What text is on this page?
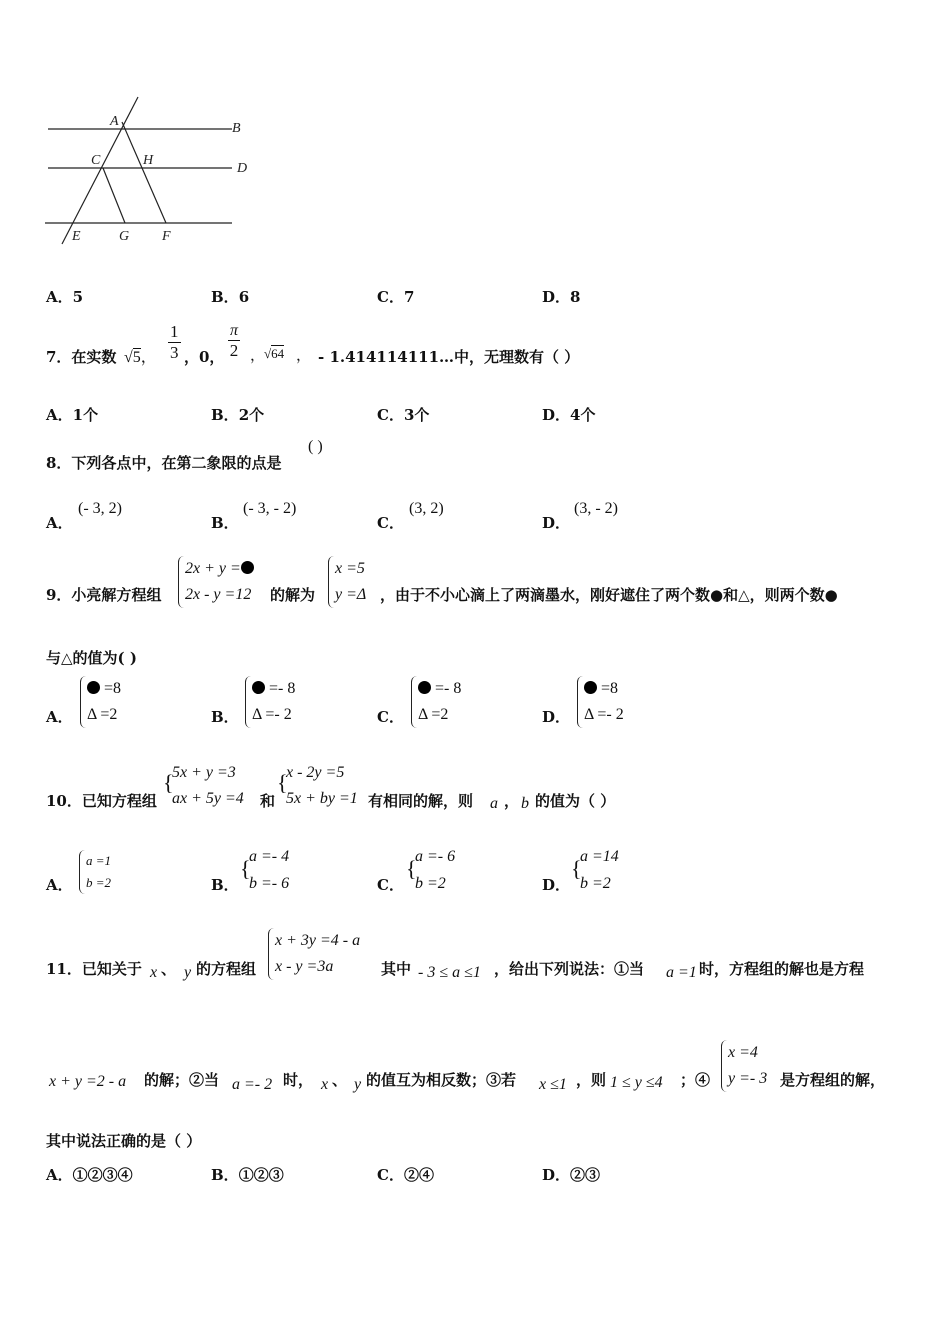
A	B
C	H
D
E	G F
A．5	B．6	C．7	D．8
7．在实数 √5， $\frac{1}{3}$ ，0， $\frac{\pi}{2}$ ，
√64 ， - 1.414114111…中，无理数有（ ）
A．1个	B．2个	C．3个	D．4个
8．下列各点中，在第二象限的点是
( )
A．
(- 3, 2)
B．
(- 3, - 2)
C．
(3, 2)
D．
(3, - 2)
9．小亮解方程组
2x + y =
2x - y =12 的解为
x =5
y =Δ ，由于不小心滴上了两滴墨水，刚好遮住了两个数●和△，则两个数●
与△的值为( )
A．
=8
Δ =2	B．
=- 8
Δ =- 2	C．
=- 8
Δ =2	D．
=8
Δ =- 2
10．已知方程组
{
5x + y =3
ax + 5y =4 和
{
x - 2y =5
5x + by =1 有相同的解，则 a ， b 的值为（ ）
A．
a =1
b =2	B．
{
a =- 4
b =- 6	C．
{
a =- 6
b =2	D．
{
a =14
b =2
11．已知关于 x 、 y 的方程组
x + 3y =4 - a
x - y =3a	其中 - 3 ≤ a ≤1 ，给出下列说法：①当 a =1 时，方程组的解也是方程
x + y =2 - a 的解；②当 a =- 2 时， x 、 y 的值互为相反数；③若 x ≤1 ，则 1 ≤ y ≤4 ；④
x =4
y =- 3 是方程组的解，
其中说法正确的是（ ）
A．①②③④	B．①②③	C．②④	D．②③
